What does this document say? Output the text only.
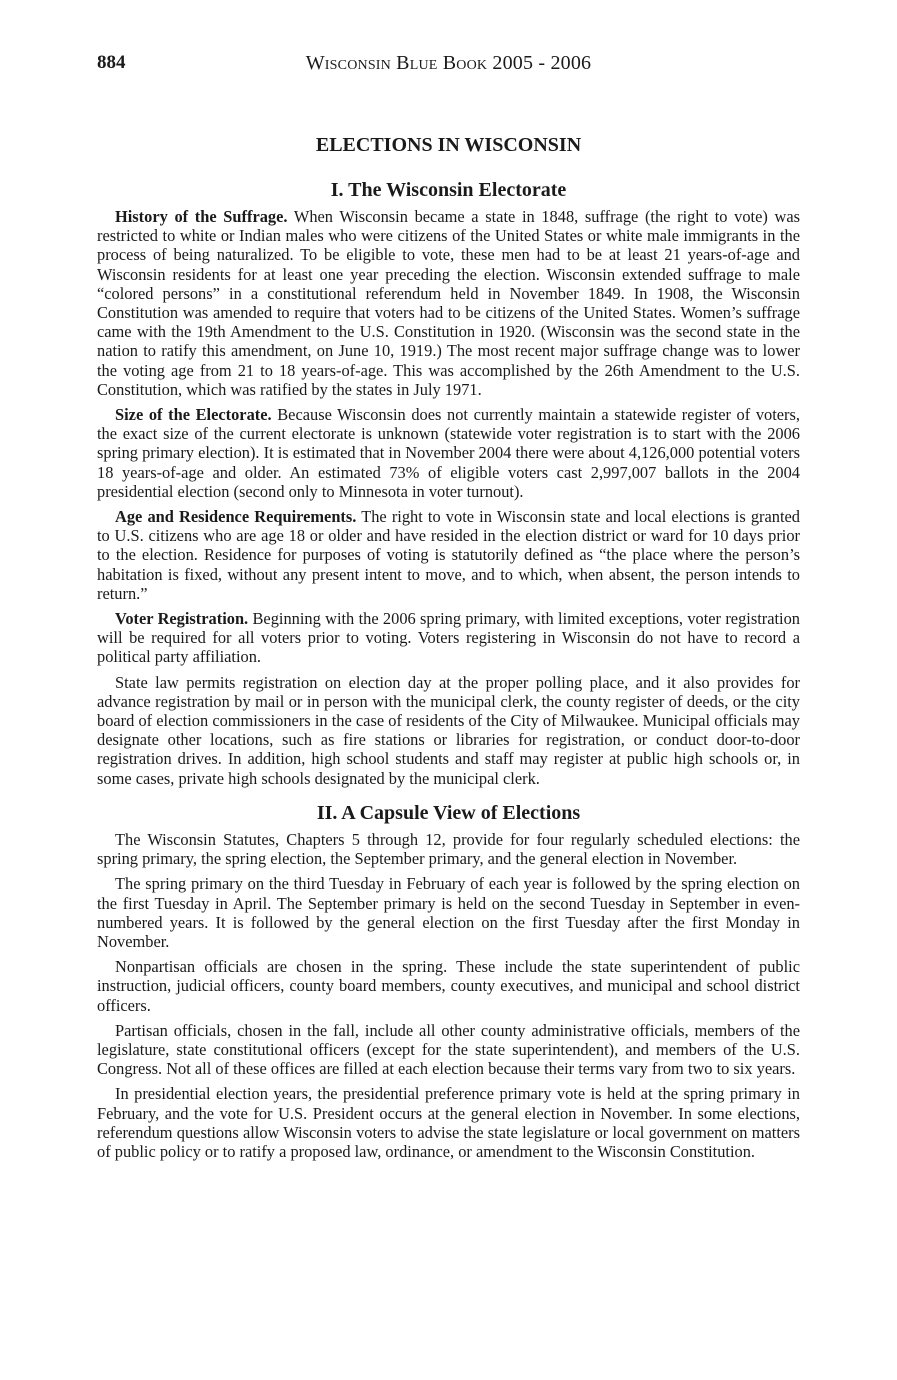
884	Wisconsin Blue Book 2005 - 2006
ELECTIONS IN WISCONSIN
I. The Wisconsin Electorate

History of the Suffrage. When Wisconsin became a state in 1848, suffrage (the right to vote) was restricted to white or Indian males who were citizens of the United States or white male immigrants in the process of being naturalized. To be eligible to vote, these men had to be at least 21 years-of-age and Wisconsin residents for at least one year preceding the election. Wisconsin extended suffrage to male “colored persons” in a constitutional referendum held in November 1849. In 1908, the Wisconsin Constitution was amended to require that voters had to be citizens of the United States. Women’s suffrage came with the 19th Amendment to the U.S. Constitution in 1920. (Wisconsin was the second state in the nation to ratify this amendment, on June 10, 1919.) The most recent major suffrage change was to lower the voting age from 21 to 18 years-of-age. This was accomplished by the 26th Amendment to the U.S. Constitution, which was ratified by the states in July 1971.

Size of the Electorate. Because Wisconsin does not currently maintain a statewide register of voters, the exact size of the current electorate is unknown (statewide voter registration is to start with the 2006 spring primary election). It is estimated that in November 2004 there were about 4,126,000 potential voters 18 years-of-age and older. An estimated 73% of eligible voters cast 2,997,007 ballots in the 2004 presidential election (second only to Minnesota in voter turnout).

Age and Residence Requirements. The right to vote in Wisconsin state and local elections is granted to U.S. citizens who are age 18 or older and have resided in the election district or ward for 10 days prior to the election. Residence for purposes of voting is statutorily defined as “the place where the person’s habitation is fixed, without any present intent to move, and to which, when absent, the person intends to return.”

Voter Registration. Beginning with the 2006 spring primary, with limited exceptions, voter registration will be required for all voters prior to voting. Voters registering in Wisconsin do not have to record a political party affiliation.

State law permits registration on election day at the proper polling place, and it also provides for advance registration by mail or in person with the municipal clerk, the county register of deeds, or the city board of election commissioners in the case of residents of the City of Milwaukee. Municipal officials may designate other locations, such as fire stations or libraries for registration, or conduct door-to-door registration drives. In addition, high school students and staff may register at public high schools or, in some cases, private high schools designated by the municipal clerk.

II. A Capsule View of Elections

The Wisconsin Statutes, Chapters 5 through 12, provide for four regularly scheduled elections: the spring primary, the spring election, the September primary, and the general election in November.

The spring primary on the third Tuesday in February of each year is followed by the spring election on the first Tuesday in April. The September primary is held on the second Tuesday in September in even-numbered years. It is followed by the general election on the first Tuesday after the first Monday in November.

Nonpartisan officials are chosen in the spring. These include the state superintendent of public instruction, judicial officers, county board members, county executives, and municipal and school district officers.

Partisan officials, chosen in the fall, include all other county administrative officials, members of the legislature, state constitutional officers (except for the state superintendent), and members of the U.S. Congress. Not all of these offices are filled at each election because their terms vary from two to six years.

In presidential election years, the presidential preference primary vote is held at the spring primary in February, and the vote for U.S. President occurs at the general election in November. In some elections, referendum questions allow Wisconsin voters to advise the state legislature or local government on matters of public policy or to ratify a proposed law, ordinance, or amendment to the Wisconsin Constitution.
